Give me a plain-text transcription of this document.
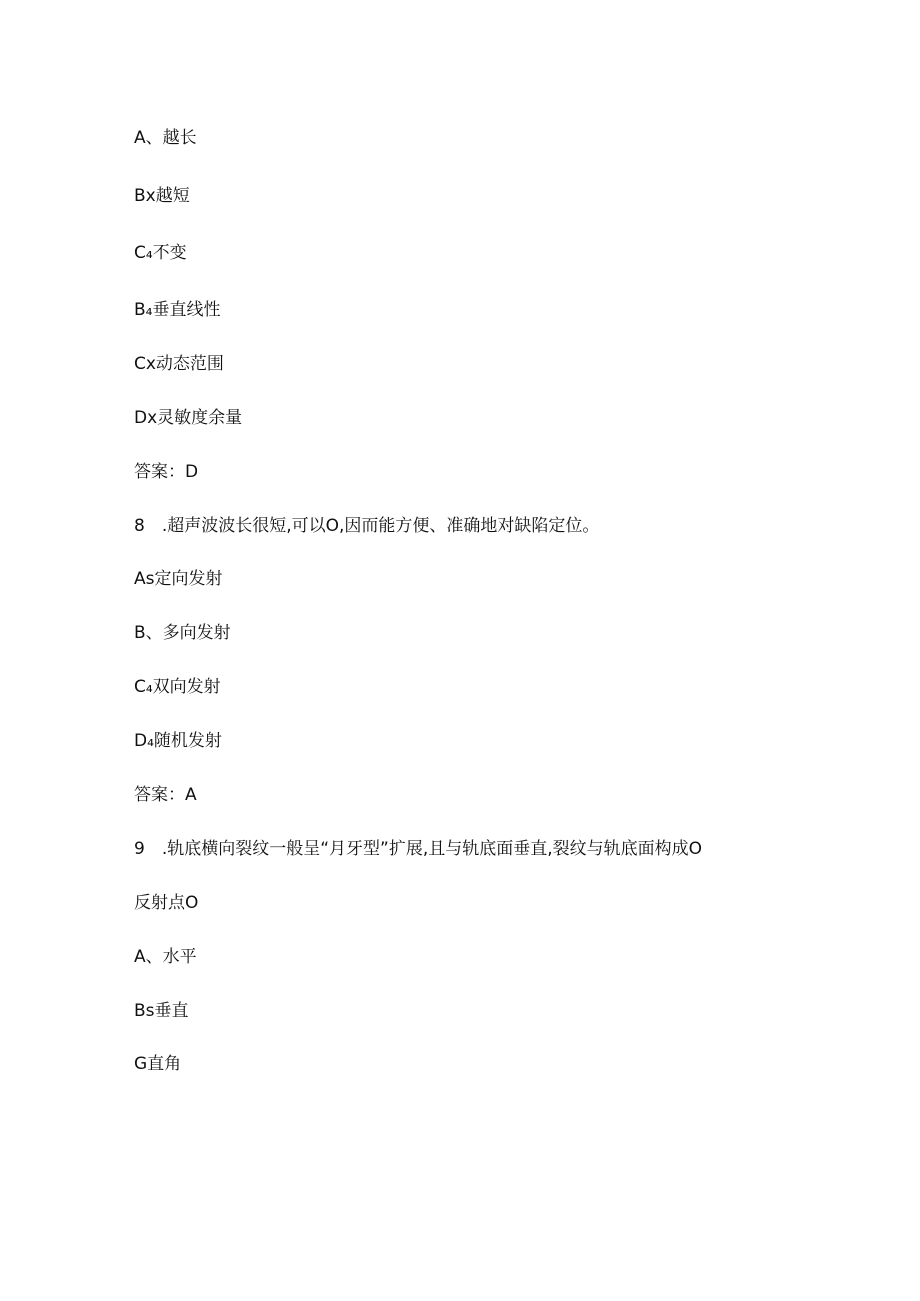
A、越长
Bx越短
C₄不变
B₄垂直线性
Cx动态范围
Dx灵敏度余量
答案：D
8 .超声波波长很短,可以O,因而能方便、准确地对缺陷定位。
As定向发射
B、多向发射
C₄双向发射
D₄随机发射
答案：A
9 .轨底横向裂纹一般呈“月牙型”扩展,且与轨底面垂直,裂纹与轨底面构成O
反射点O
A、水平
Bs垂直
G直角
